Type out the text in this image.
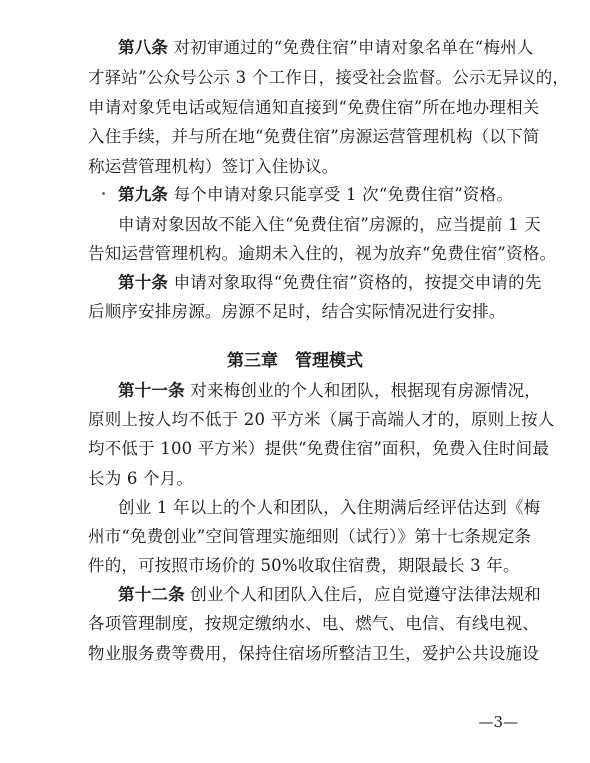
第八条 对初审通过的“免费住宿”申请对象名单在“梅州人
才驿站”公众号公示 3 个工作日，接受社会监督。公示无异议的，
申请对象凭电话或短信通知直接到“免费住宿”所在地办理相关
入住手续，并与所在地“免费住宿”房源运营管理机构（以下简
称运营管理机构）签订入住协议。
第九条 每个申请对象只能享受 1 次“免费住宿”资格。
申请对象因故不能入住“免费住宿”房源的，应当提前 1 天
告知运营管理机构。逾期未入住的，视为放弃“免费住宿”资格。
第十条 申请对象取得“免费住宿”资格的，按提交申请的先
后顺序安排房源。房源不足时，结合实际情况进行安排。
第三章　管理模式
第十一条 对来梅创业的个人和团队，根据现有房源情况，
原则上按人均不低于 20 平方米（属于高端人才的，原则上按人
均不低于 100 平方米）提供“免费住宿”面积，免费入住时间最
长为 6 个月。
创业 1 年以上的个人和团队，入住期满后经评估达到《梅
州市“免费创业”空间管理实施细则（试行）》第十七条规定条
件的，可按照市场价的 50%收取住宿费，期限最长 3 年。
第十二条 创业个人和团队入住后，应自觉遵守法律法规和
各项管理制度，按规定缴纳水、电、燃气、电信、有线电视、
物业服务费等费用，保持住宿场所整洁卫生，爱护公共设施设
—3—
